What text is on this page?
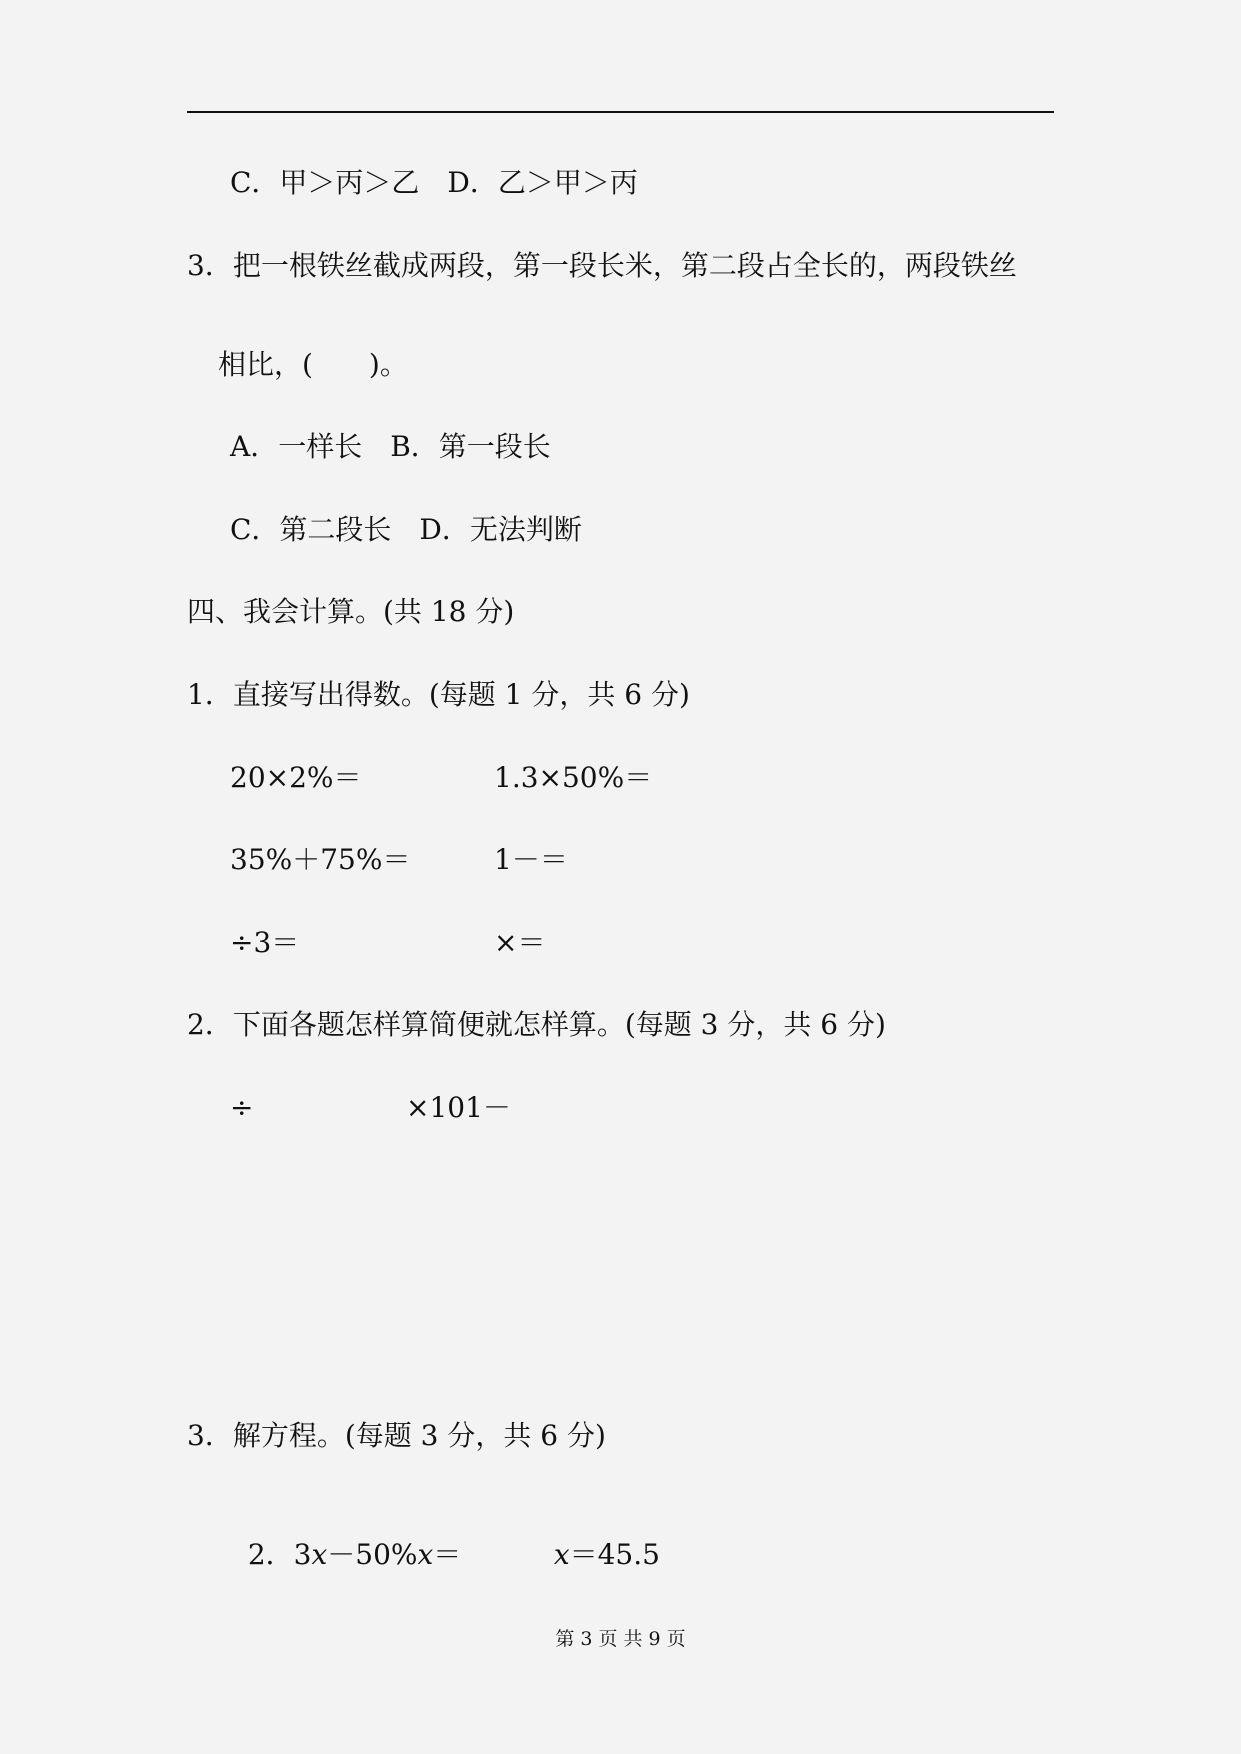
C．甲＞丙＞乙　D．乙＞甲＞丙
3．把一根铁丝截成两段，第一段长米，第二段占全长的，两段铁丝
相比，(　　)。
A．一样长　B．第一段长
C．第二段长　D．无法判断
四、我会计算。(共 18 分)
1．直接写出得数。(每题 1 分，共 6 分)
20×2%＝	1.3×50%＝
35%＋75%＝	1－＝
÷3＝	×＝
2．下面各题怎样算简便就怎样算。(每题 3 分，共 6 分)
÷	×101－
3．解方程。(每题 3 分，共 6 分)

2．3x－50%x＝	x＝45.5

第 3 页 共 9 页
